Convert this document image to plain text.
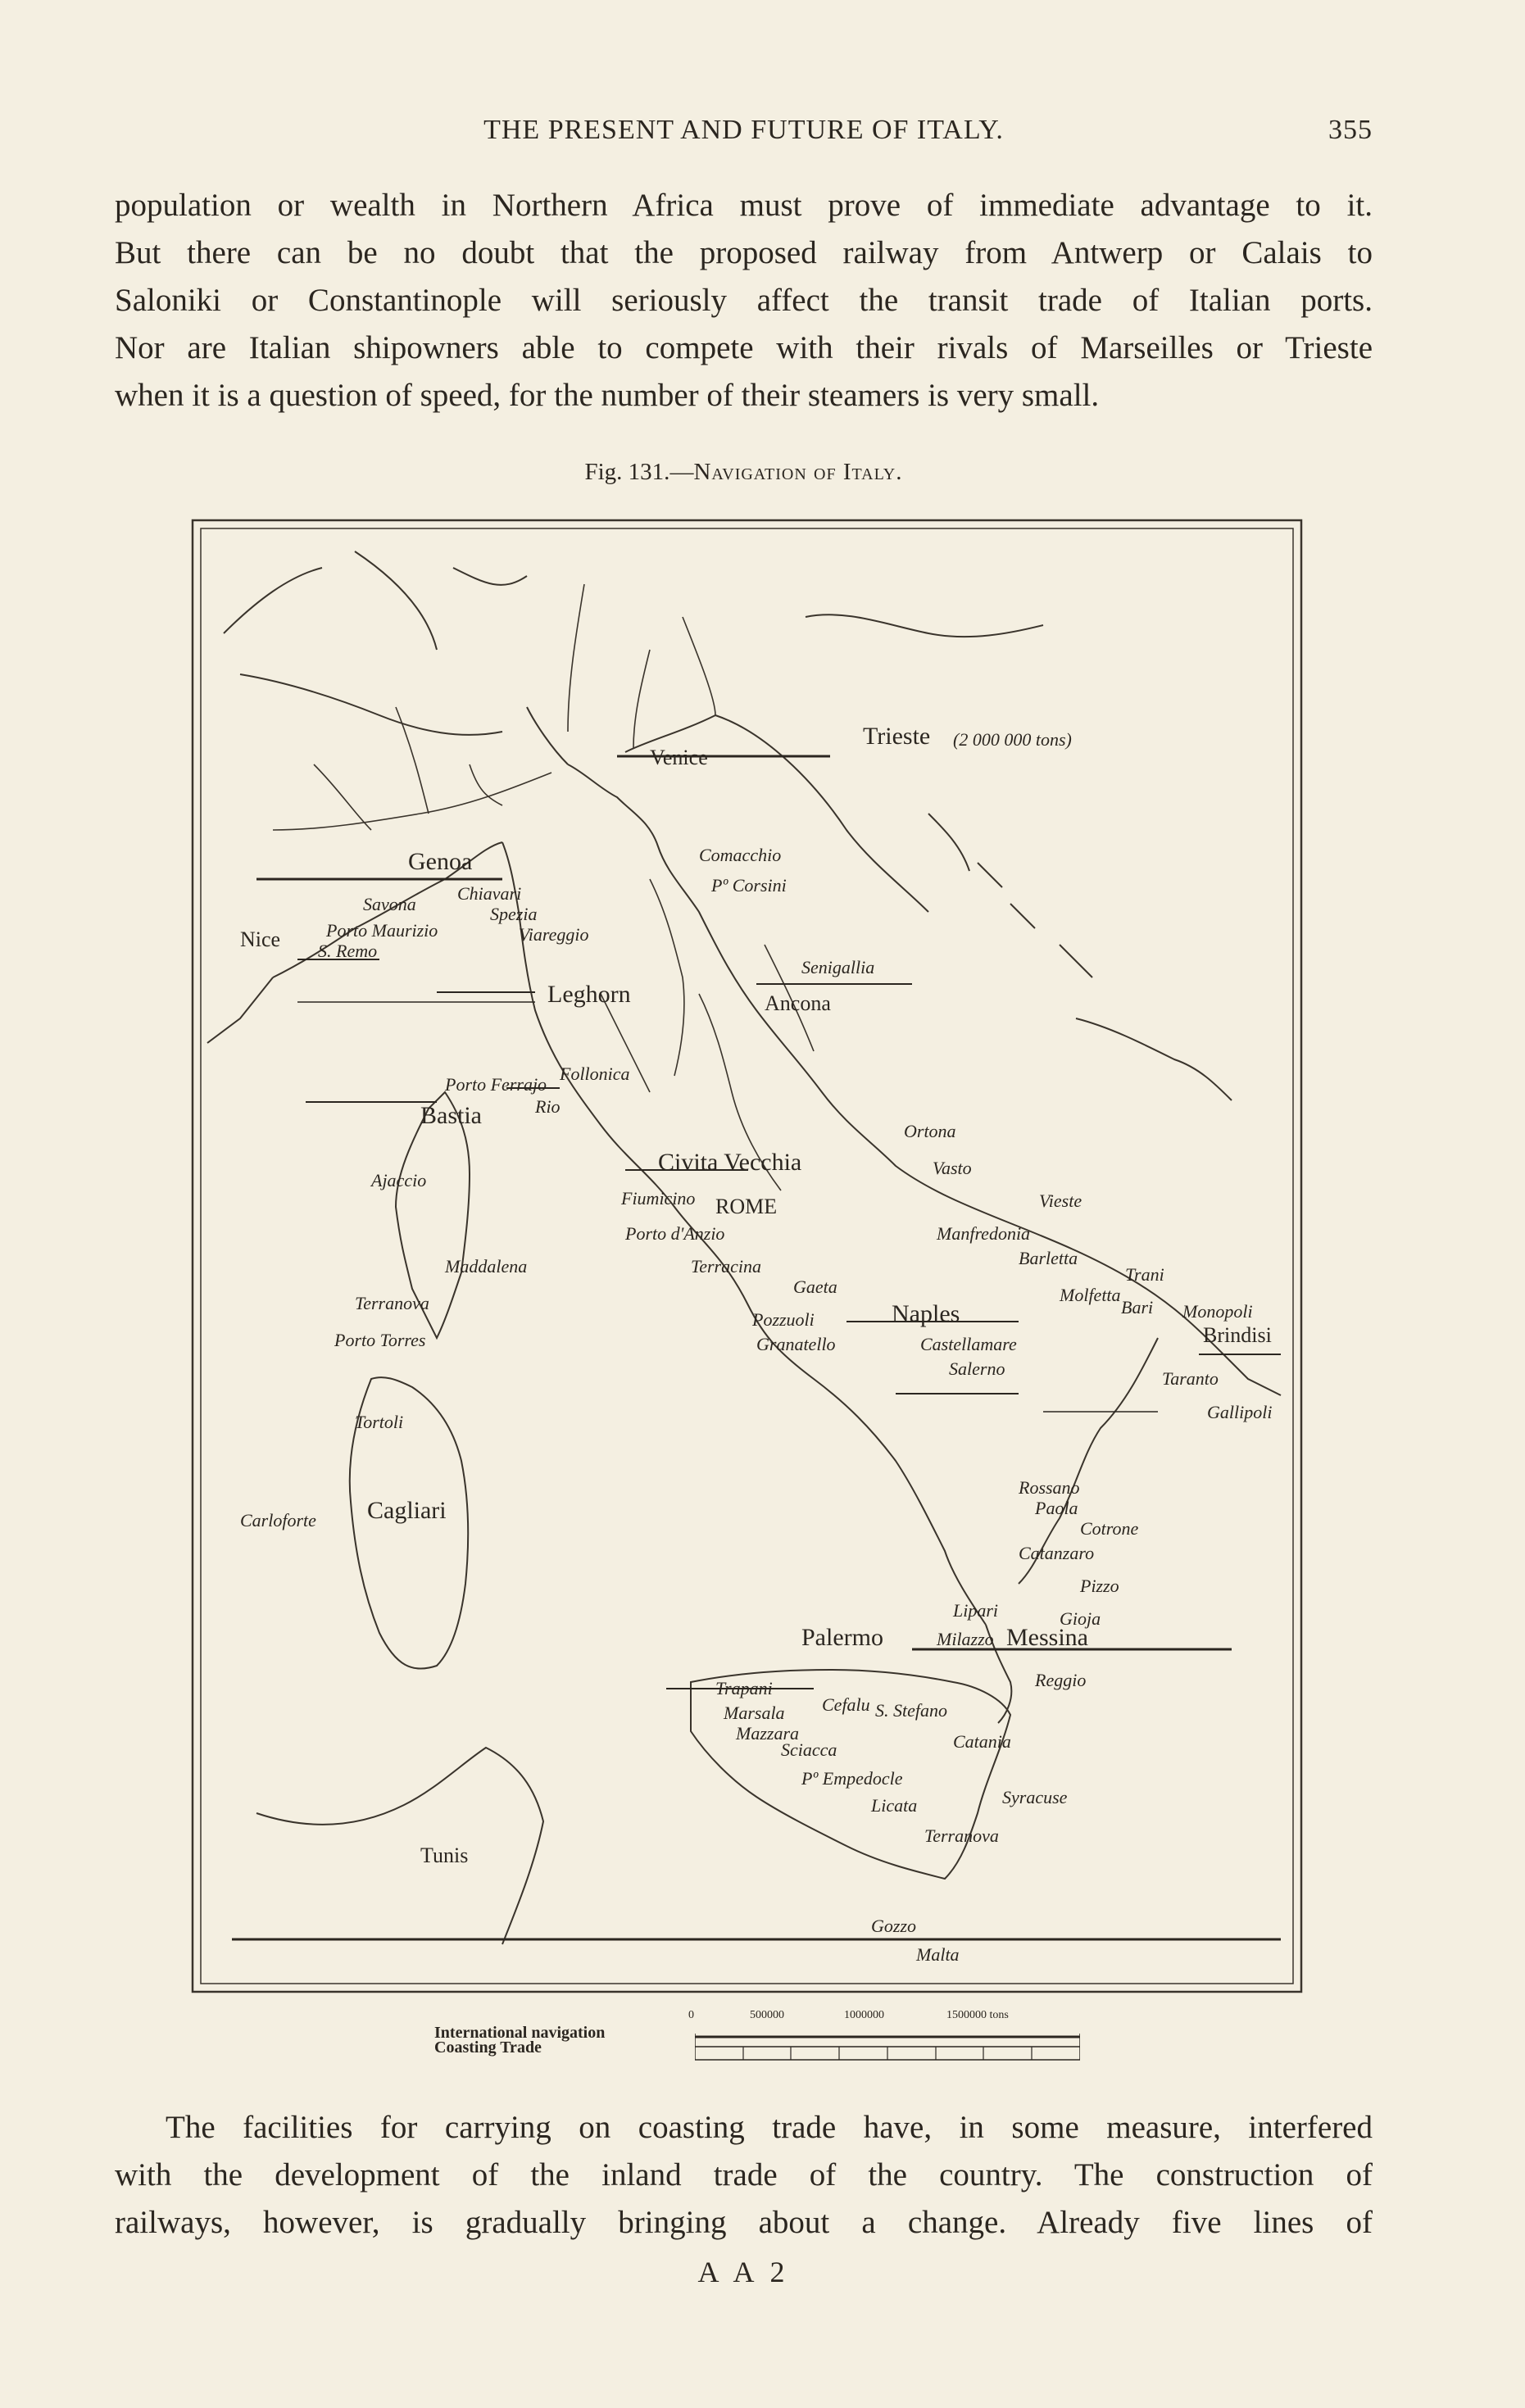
THE PRESENT AND FUTURE OF ITALY.	355

population or wealth in Northern Africa must prove of immediate advantage to it.
But there can be no doubt that the proposed railway from Antwerp or Calais to
Saloniki or Constantinople will seriously affect the transit trade of Italian ports.
Nor are Italian shipowners able to compete with their rivals of Marseilles or Trieste
when it is a question of speed, for the number of their steamers is very small.

Fig. 131.—Navigation of Italy.
Trieste (2 000 000 tons)
Venice
Comacchio
Pº Corsini
Genoa
Savona
Chiavari
Spezia
Porto Maurizio
S. Remo
Nice	Viareggio
Leghorn
Senigallia
Ancona
Follonica
Porto Ferrajo
Bastia	Rio
Ajaccio
Civita Vecchia
Fiumicino ROME
Porto d'Anzio
Terracina
Ortona
Vasto
Vieste
Manfredonia
Barletta
Trani
Molfetta
Bari Monopoli
Brindisi
Gaeta
Pozzuoli	Naples
Granatello	Castellamare
Salerno	Taranto
Gallipoli
Maddalena
Terranova
Porto Torres
Tortoli
Carloforte Cagliari
Rossano
Paola
Cotrone
Catanzaro
Pizzo
Lipari	Gioja
Palermo	Milazzo Messina
Reggio
Trapani
Marsala Cefalu S. Stefano
Mazzara	Catania
Sciacca
Pº Empedocle
Licata	Syracuse
Terranova
Tunis
Gozzo
Malta
International navigation
Coasting Trade
0	500000	1000000	1500000 tons

The facilities for carrying on coasting trade have, in some measure, interfered
with the development of the inland trade of the country. The construction of
railways, however, is gradually bringing about a change. Already five lines of

A A 2
